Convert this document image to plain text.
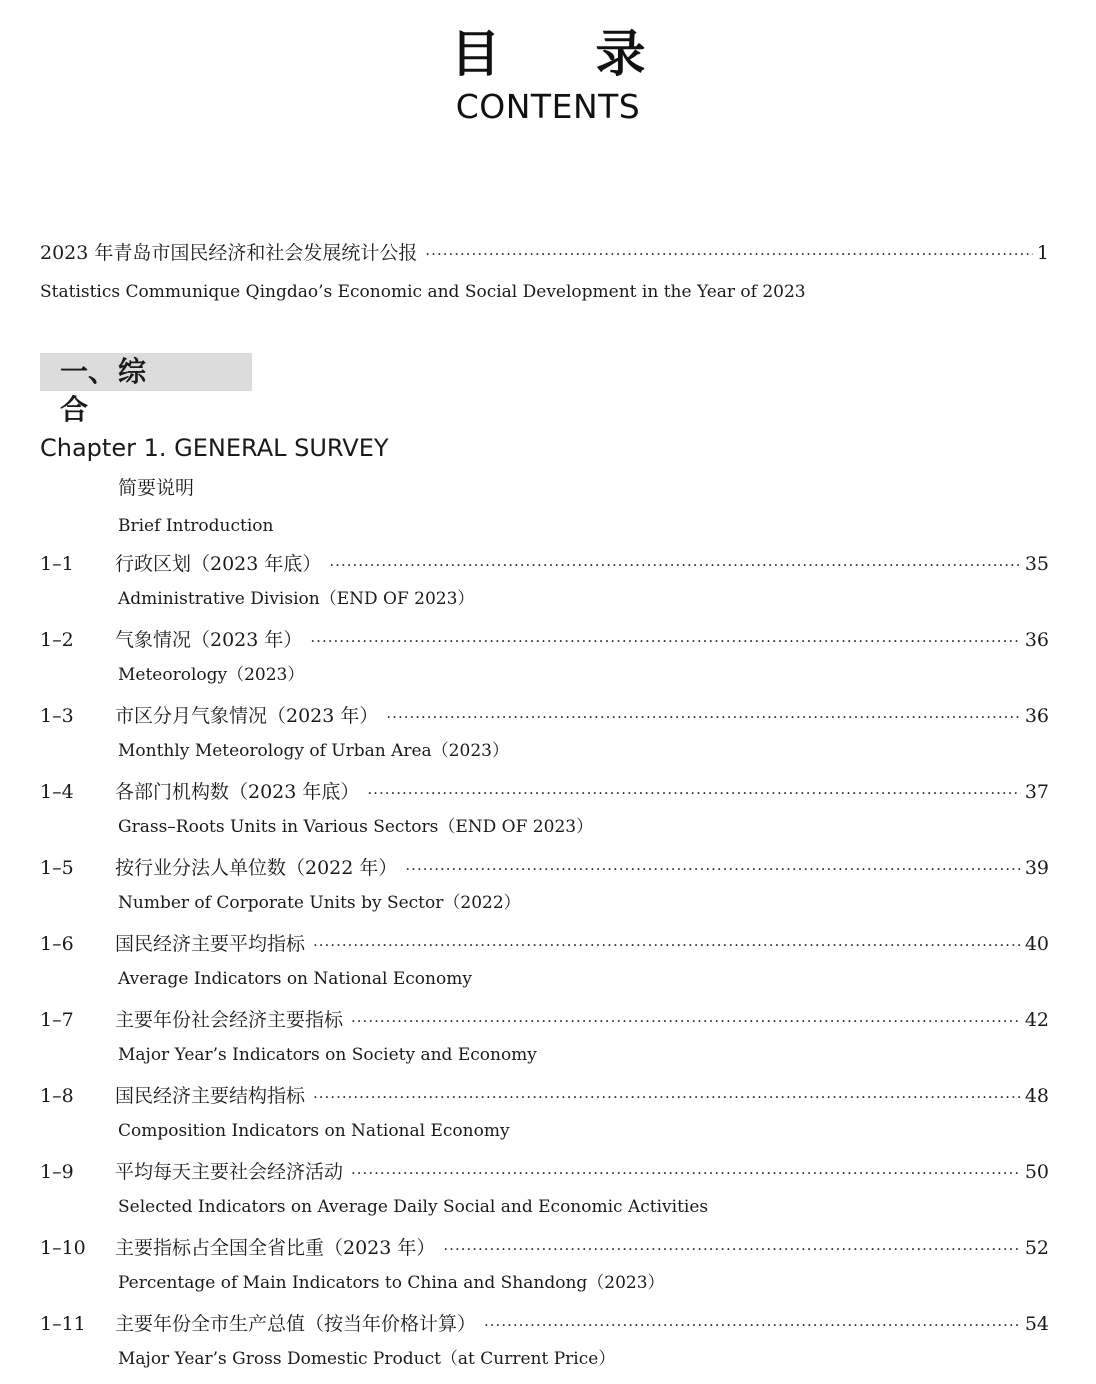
目录
CONTENTS
2023 年青岛市国民经济和社会发展统计公报 ·····	1
Statistics Communique Qingdao’s Economic and Social Development in the Year of 2023
一、综合
Chapter 1. GENERAL SURVEY
简要说明
Brief Introduction
1–1	行政区划（2023 年底） ·····	35
Administrative Division（END OF 2023）
1–2	气象情况（2023 年） ·····	36
Meteorology（2023）
1–3	市区分月气象情况（2023 年） ·····	36
Monthly Meteorology of Urban Area（2023）
1–4	各部门机构数（2023 年底） ·····	37
Grass–Roots Units in Various Sectors（END OF 2023）
1–5	按行业分法人单位数（2022 年） ·····	39
Number of Corporate Units by Sector（2022）
1–6	国民经济主要平均指标 ·····	40
Average Indicators on National Economy
1–7	主要年份社会经济主要指标 ·····	42
Major Year’s Indicators on Society and Economy
1–8	国民经济主要结构指标 ·····	48
Composition Indicators on National Economy
1–9	平均每天主要社会经济活动 ·····	50
Selected Indicators on Average Daily Social and Economic Activities
1–10	主要指标占全国全省比重（2023 年） ·····	52
Percentage of Main Indicators to China and Shandong（2023）
1–11	主要年份全市生产总值（按当年价格计算） ·····	54
Major Year’s Gross Domestic Product（at Current Price）
